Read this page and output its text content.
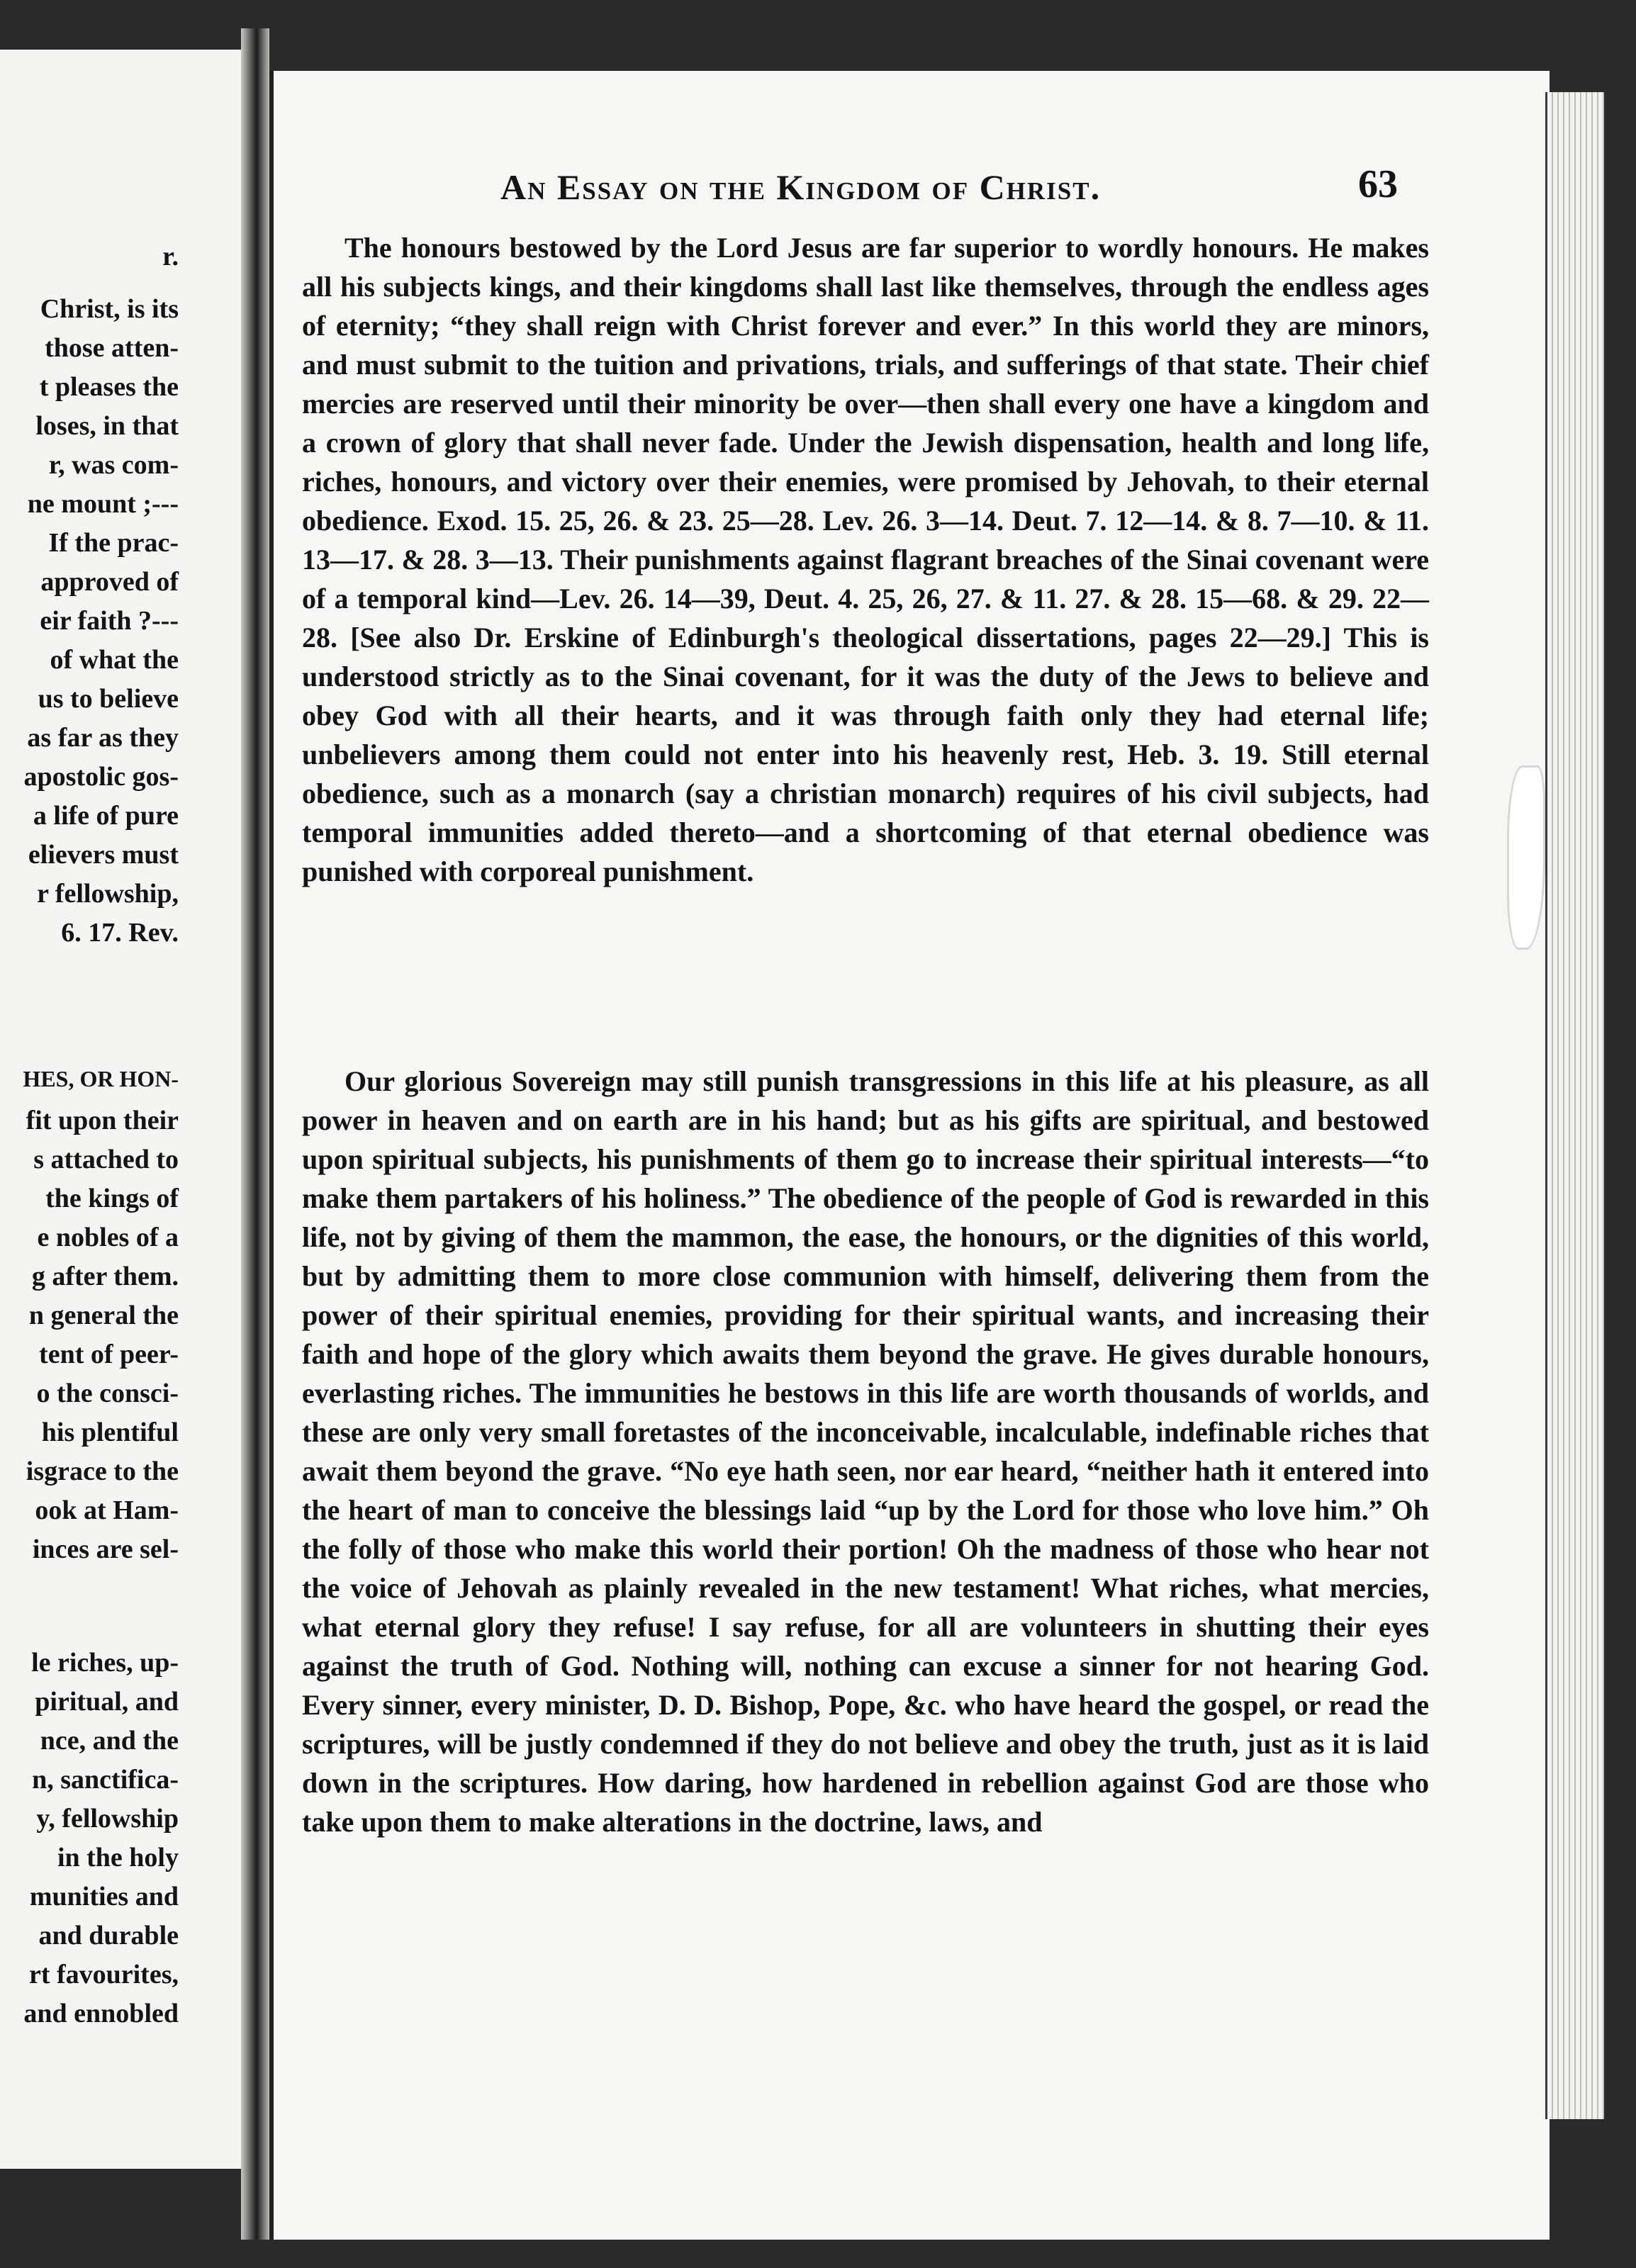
r.
Christ, is its
those atten-
t pleases the
loses, in that
r, was com-
ne mount ;---
If the prac-
approved of
eir faith ?---
of what the
us to believe
as far as they
apostolic gos-
a life of pure
elievers must
r fellowship,
6. 17. Rev.
HES, OR HON-
fit upon their
s attached to
the kings of
e nobles of a
g after them.
n general the
tent of peer-
o the consci-
his plentiful
isgrace to the
ook at Ham-
inces are sel-
le riches, up-
piritual, and
nce, and the
n, sanctifica-
y, fellowship
in the holy
munities and
and durable
rt favourites,
and ennobled
An Essay on the Kingdom of Christ.	63

The honours bestowed by the Lord Jesus are far superior to wordly honours. He makes all his subjects kings, and their kingdoms shall last like themselves, through the endless ages of eternity; “they shall reign with Christ forever and ever.” In this world they are minors, and must submit to the tuition and privations, trials, and sufferings of that state. Their chief mercies are reserved until their minority be over—then shall every one have a kingdom and a crown of glory that shall never fade. Under the Jewish dispensation, health and long life, riches, honours, and victory over their enemies, were promised by Jehovah, to their eternal obedience. Exod. 15. 25, 26. & 23. 25—28. Lev. 26. 3—14. Deut. 7. 12—14. & 8. 7—10. & 11. 13—17. & 28. 3—13. Their punishments against flagrant breaches of the Sinai covenant were of a temporal kind—Lev. 26. 14—39, Deut. 4. 25, 26, 27. & 11. 27. & 28. 15—68. & 29. 22—28. [See also Dr. Erskine of Edinburgh's theological dissertations, pages 22—29.] This is understood strictly as to the Sinai covenant, for it was the duty of the Jews to believe and obey God with all their hearts, and it was through faith only they had eternal life; unbelievers among them could not enter into his heavenly rest, Heb. 3. 19. Still eternal obedience, such as a monarch (say a christian monarch) requires of his civil subjects, had temporal immunities added thereto—and a shortcoming of that eternal obedience was punished with corporeal punishment.

Our glorious Sovereign may still punish transgressions in this life at his pleasure, as all power in heaven and on earth are in his hand; but as his gifts are spiritual, and bestowed upon spiritual subjects, his punishments of them go to increase their spiritual interests—“to make them partakers of his holiness.” The obedience of the people of God is rewarded in this life, not by giving of them the mammon, the ease, the honours, or the dignities of this world, but by admitting them to more close communion with himself, delivering them from the power of their spiritual enemies, providing for their spiritual wants, and increasing their faith and hope of the glory which awaits them beyond the grave. He gives durable honours, everlasting riches. The immunities he bestows in this life are worth thousands of worlds, and these are only very small foretastes of the inconceivable, incalculable, indefinable riches that await them beyond the grave. “No eye hath seen, nor ear heard, “neither hath it entered into the heart of man to conceive the blessings laid “up by the Lord for those who love him.” Oh the folly of those who make this world their portion! Oh the madness of those who hear not the voice of Jehovah as plainly revealed in the new testament! What riches, what mercies, what eternal glory they refuse! I say refuse, for all are volunteers in shutting their eyes against the truth of God. Nothing will, nothing can excuse a sinner for not hearing God. Every sinner, every minister, D. D. Bishop, Pope, &c. who have heard the gospel, or read the scriptures, will be justly condemned if they do not believe and obey the truth, just as it is laid down in the scriptures. How daring, how hardened in rebellion against God are those who take upon them to make alterations in the doctrine, laws, and
